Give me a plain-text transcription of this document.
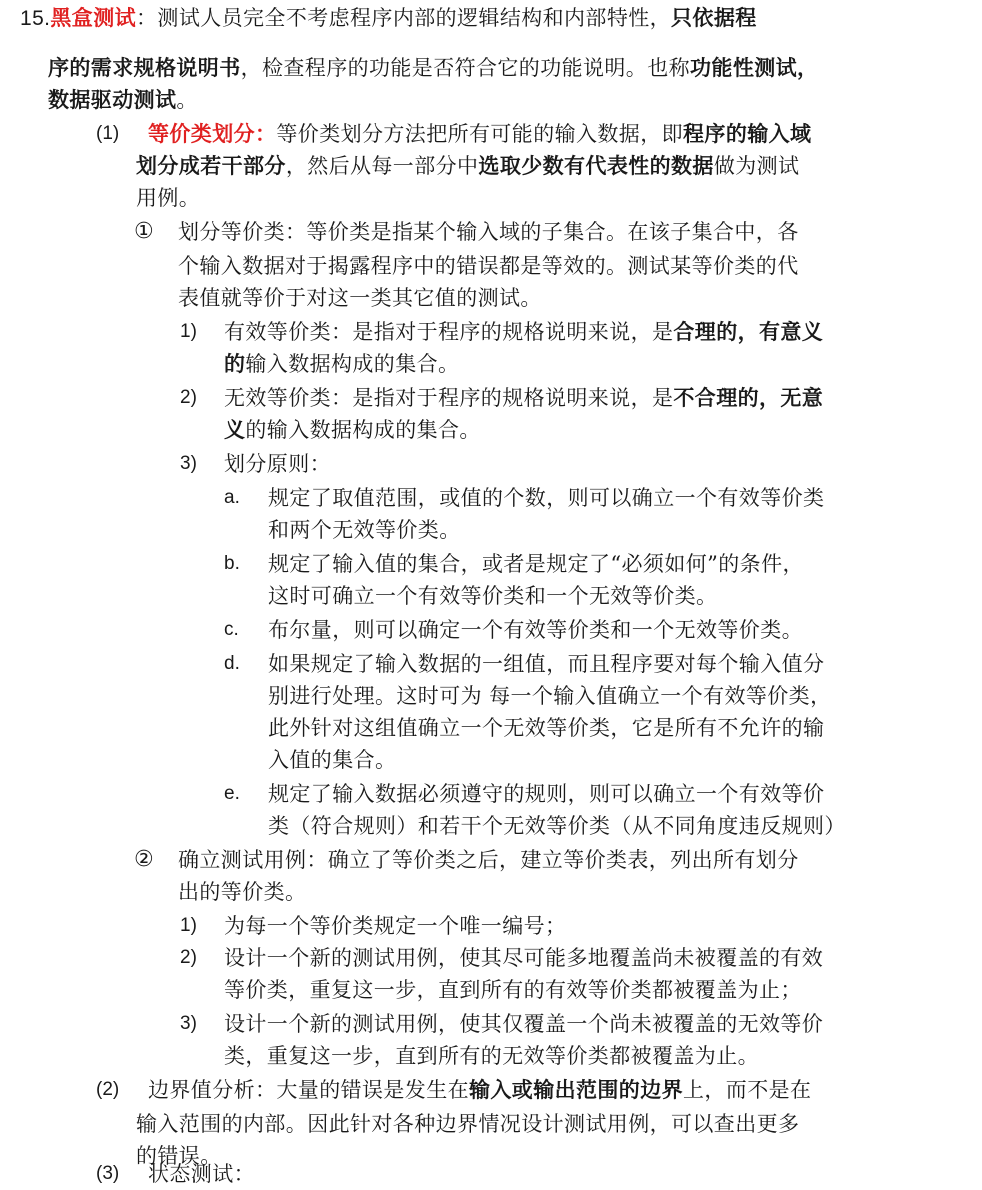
15.黑盒测试：测试人员完全不考虑程序内部的逻辑结构和内部特性，只依据程
序的需求规格说明书，检查程序的功能是否符合它的功能说明。也称功能性测试，
数据驱动测试。
(1) 等价类划分：等价类划分方法把所有可能的输入数据，即程序的输入域
划分成若干部分，然后从每一部分中选取少数有代表性的数据做为测试
用例。
① 划分等价类：等价类是指某个输入域的子集合。在该子集合中，各
个输入数据对于揭露程序中的错误都是等效的。测试某等价类的代
表值就等价于对这一类其它值的测试。
1) 有效等价类：是指对于程序的规格说明来说，是合理的，有意义
的输入数据构成的集合。
2) 无效等价类：是指对于程序的规格说明来说，是不合理的，无意
义的输入数据构成的集合。
3) 划分原则：
a. 规定了取值范围，或值的个数，则可以确立一个有效等价类
和两个无效等价类。
b. 规定了输入值的集合，或者是规定了“必须如何”的条件，
这时可确立一个有效等价类和一个无效等价类。
c. 布尔量，则可以确定一个有效等价类和一个无效等价类。
d. 如果规定了输入数据的一组值，而且程序要对每个输入值分
别进行处理。这时可为 每一个输入值确立一个有效等价类，
此外针对这组值确立一个无效等价类，它是所有不允许的输
入值的集合。
e. 规定了输入数据必须遵守的规则，则可以确立一个有效等价
类（符合规则）和若干个无效等价类（从不同角度违反规则）
② 确立测试用例：确立了等价类之后，建立等价类表，列出所有划分
出的等价类。
1) 为每一个等价类规定一个唯一编号；
2) 设计一个新的测试用例，使其尽可能多地覆盖尚未被覆盖的有效
等价类，重复这一步，直到所有的有效等价类都被覆盖为止；
3) 设计一个新的测试用例，使其仅覆盖一个尚未被覆盖的无效等价
类，重复这一步，直到所有的无效等价类都被覆盖为止。
(2) 边界值分析：大量的错误是发生在输入或输出范围的边界上，而不是在
输入范围的内部。因此针对各种边界情况设计测试用例，可以查出更多
的错误。
(3) 状态测试：
